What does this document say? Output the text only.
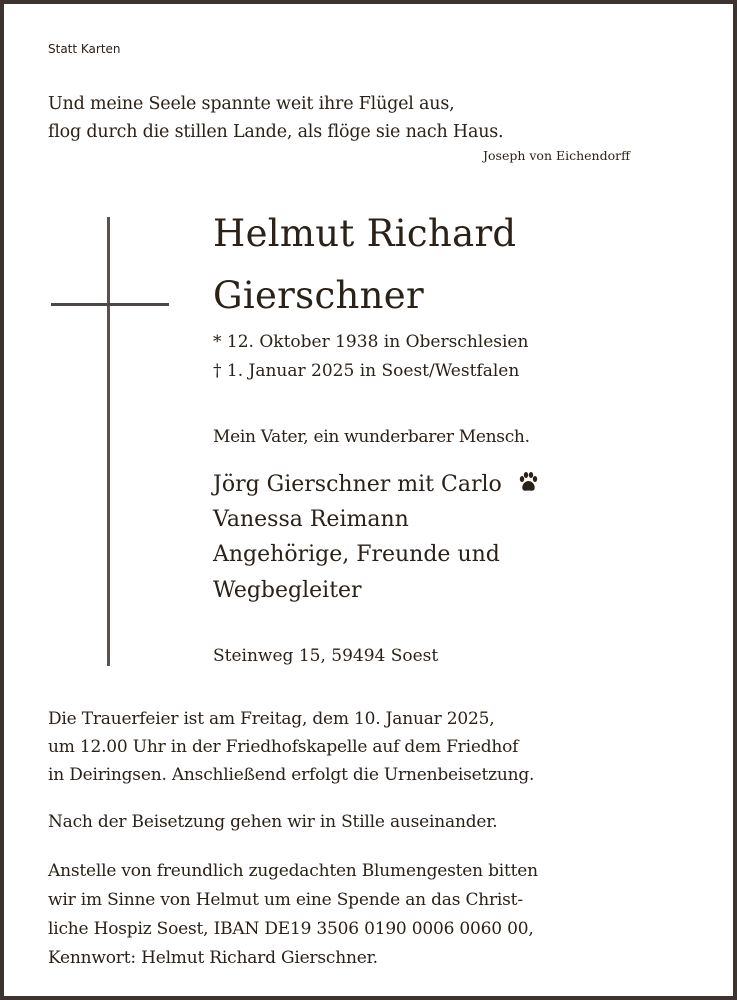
Statt Karten
Und meine Seele spannte weit ihre Flügel aus,
flog durch die stillen Lande, als flöge sie nach Haus.
Joseph von Eichendorff
Helmut Richard
Gierschner
* 12. Oktober 1938 in Oberschlesien
† 1. Januar 2025 in Soest/Westfalen
Mein Vater, ein wunderbarer Mensch.
Jörg Gierschner mit Carlo
Vanessa Reimann
Angehörige, Freunde und
Wegbegleiter
Steinweg 15, 59494 Soest
Die Trauerfeier ist am Freitag, dem 10. Januar 2025,
um 12.00 Uhr in der Friedhofskapelle auf dem Friedhof
in Deiringsen. Anschließend erfolgt die Urnenbeisetzung.
Nach der Beisetzung gehen wir in Stille auseinander.
Anstelle von freundlich zugedachten Blumengesten bitten
wir im Sinne von Helmut um eine Spende an das Christ-
liche Hospiz Soest, IBAN DE19 3506 0190 0006 0060 00,
Kennwort: Helmut Richard Gierschner.
